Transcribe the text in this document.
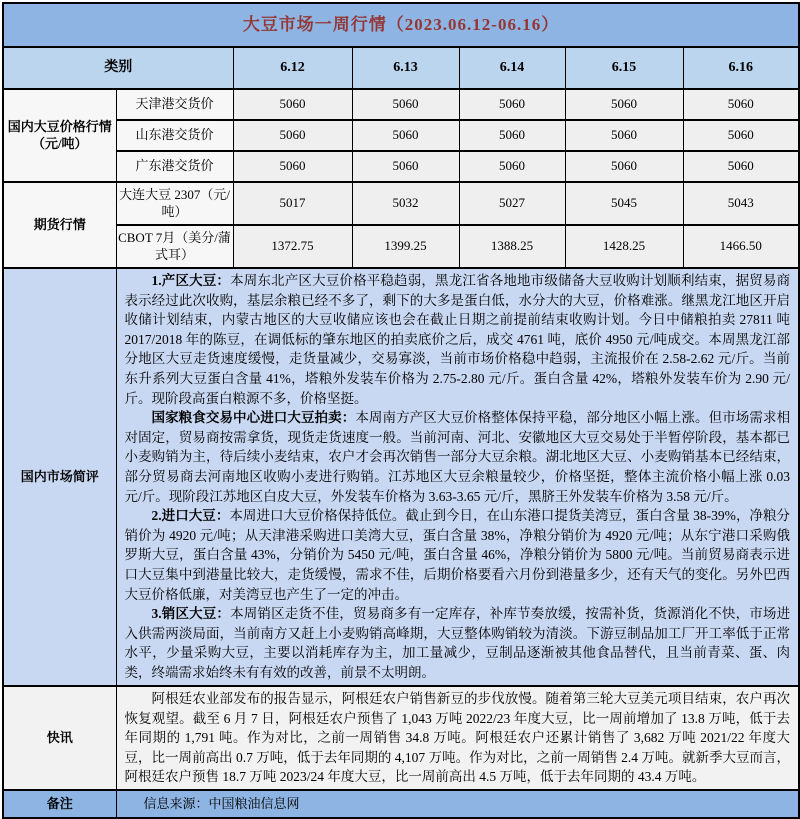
大豆市场一周行情（2023.06.12-06.16）						
类别		6.12	6.13	6.14	6.15	6.16
国内大豆价格行情（元/吨）	天津港交货价	5060	5060	5060	5060	5060
	山东港交货价	5060	5060	5060	5060	5060
	广东港交货价	5060	5060	5060	5060	5060
期货行情	大连大豆 2307（元/吨）	5017	5032	5027	5045	5043
	CBOT 7月（美分/蒲式耳）	1372.75	1399.25	1388.25	1428.25	1466.50
国内市场简评	1.产区大豆：本周东北产区大豆价格平稳趋弱，黑龙江省各地地市级储备大豆收购计划顺利结束，据贸易商表示经过此次收购，基层余粮已经不多了，剩下的大多是蛋白低，水分大的大豆，价格难涨。继黑龙江地区开启收储计划结束，内蒙古地区的大豆收储应该也会在截止日期之前提前结束收购计划。今日中储粮拍卖 27811 吨 2017/2018 年的陈豆，在调低标的肇东地区的拍卖底价之后，成交 4761 吨，底价 4950 元/吨成交。本周黑龙江部分地区大豆走货速度缓慢，走货量减少，交易寡淡，当前市场价格稳中趋弱，主流报价在 2.58-2.62 元/斤。当前东升系列大豆蛋白含量 41%，塔粮外发装车价格为 2.75-2.80 元/斤。蛋白含量 42%，塔粮外发装车价为 2.90 元/斤。现阶段高蛋白粮源不多，价格坚挺。

国家粮食交易中心进口大豆拍卖：本周南方产区大豆价格整体保持平稳，部分地区小幅上涨。但市场需求相对固定，贸易商按需拿货，现货走货速度一般。当前河南、河北、安徽地区大豆交易处于半暂停阶段，基本都已小麦购销为主，待后续小麦结束，农户才会再次销售一部分大豆余粮。湖北地区大豆、小麦购销基本已经结束，部分贸易商去河南地区收购小麦进行购销。江苏地区大豆余粮量较少，价格坚挺，整体主流价格小幅上涨 0.03 元/斤。现阶段江苏地区白皮大豆，外发装车价格为 3.63-3.65 元/斤，黑脐王外发装车价格为 3.58 元/斤。

2.进口大豆：本周进口大豆价格保持低位。截止到今日，在山东港口提货美湾豆，蛋白含量 38-39%，净粮分销价为 4920 元/吨；从天津港采购进口美湾大豆，蛋白含量 38%，净粮分销价为 4920 元/吨；从东宁港口采购俄罗斯大豆，蛋白含量 43%，分销价为 5450 元/吨，蛋白含量 46%，净粮分销价为 5800 元/吨。当前贸易商表示进口大豆集中到港量比较大，走货缓慢，需求不佳，后期价格要看六月份到港量多少，还有天气的变化。另外巴西大豆价格低廉，对美湾豆也产生了一定的冲击。

3.销区大豆：本周销区走货不佳，贸易商多有一定库存，补库节奏放缓，按需补货，货源消化不快，市场进入供需两淡局面，当前南方又赶上小麦购销高峰期，大豆整体购销较为清淡。下游豆制品加工厂开工率低于正常水平，少量采购大豆，主要以消耗库存为主，加工量减少，豆制品逐渐被其他食品替代，且当前青菜、蛋、肉类，终端需求始终未有有效的改善，前景不太明朗。					

快讯	阿根廷农业部发布的报告显示，阿根廷农户销售新豆的步伐放慢。随着第三轮大豆美元项目结束，农户再次恢复观望。截至 6 月 7 日，阿根廷农户预售了 1,043 万吨 2022/23 年度大豆，比一周前增加了 13.8 万吨，低于去年同期的 1,791 吨。作为对比，之前一周销售 34.8 万吨。阿根廷农户还累计销售了 3,682 万吨 2021/22 年度大豆，比一周前高出 0.7 万吨，低于去年同期的 4,107 万吨。作为对比，之前一周销售 2.4 万吨。就新季大豆而言，阿根廷农户预售 18.7 万吨 2023/24 年度大豆，比一周前高出 4.5 万吨，低于去年同期的 43.4 万吨。					

备注	信息来源：中国粮油信息网					
